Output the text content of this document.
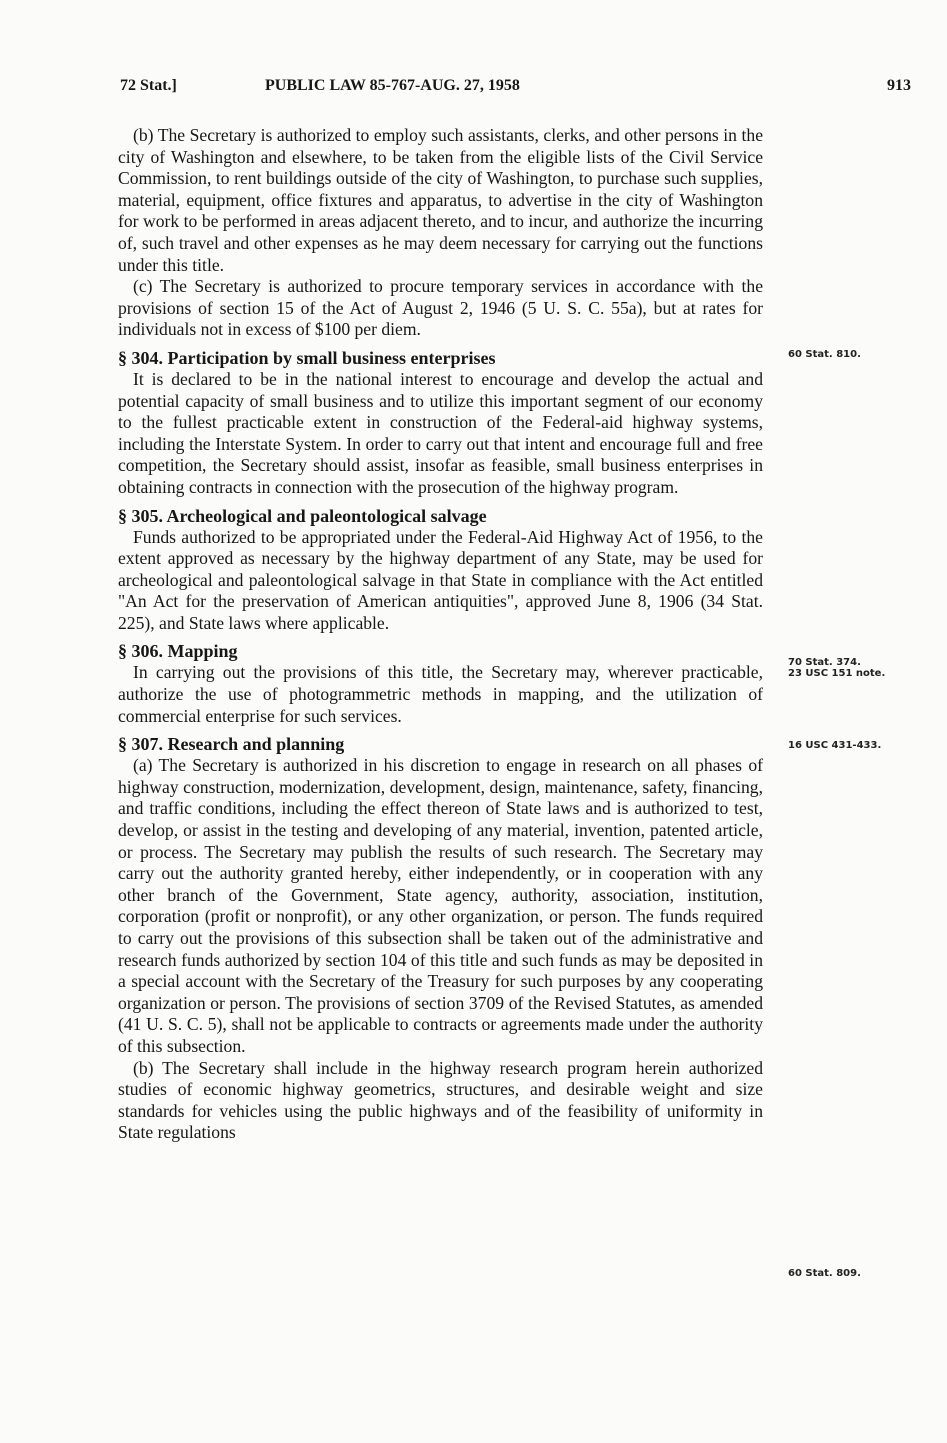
72 Stat.]	PUBLIC LAW 85-767-AUG. 27, 1958	913

(b) The Secretary is authorized to employ such assistants, clerks, and other persons in the city of Washington and elsewhere, to be taken from the eligible lists of the Civil Service Commission, to rent buildings outside of the city of Washington, to purchase such supplies, material, equipment, office fixtures and apparatus, to advertise in the city of Washington for work to be performed in areas adjacent thereto, and to incur, and authorize the incurring of, such travel and other expenses as he may deem necessary for carrying out the functions under this title.

(c) The Secretary is authorized to procure temporary services in accordance with the provisions of section 15 of the Act of August 2, 1946 (5 U. S. C. 55a), but at rates for individuals not in excess of $100 per diem.

§ 304. Participation by small business enterprises

It is declared to be in the national interest to encourage and develop the actual and potential capacity of small business and to utilize this important segment of our economy to the fullest practicable extent in construction of the Federal-aid highway systems, including the Interstate System. In order to carry out that intent and encourage full and free competition, the Secretary should assist, insofar as feasible, small business enterprises in obtaining contracts in connection with the prosecution of the highway program.

§ 305. Archeological and paleontological salvage

Funds authorized to be appropriated under the Federal-Aid Highway Act of 1956, to the extent approved as necessary by the highway department of any State, may be used for archeological and paleontological salvage in that State in compliance with the Act entitled "An Act for the preservation of American antiquities", approved June 8, 1906 (34 Stat. 225), and State laws where applicable.

§ 306. Mapping

In carrying out the provisions of this title, the Secretary may, wherever practicable, authorize the use of photogrammetric methods in mapping, and the utilization of commercial enterprise for such services.

§ 307. Research and planning

(a) The Secretary is authorized in his discretion to engage in research on all phases of highway construction, modernization, development, design, maintenance, safety, financing, and traffic conditions, including the effect thereon of State laws and is authorized to test, develop, or assist in the testing and developing of any material, invention, patented article, or process. The Secretary may publish the results of such research. The Secretary may carry out the authority granted hereby, either independently, or in cooperation with any other branch of the Government, State agency, authority, association, institution, corporation (profit or nonprofit), or any other organization, or person. The funds required to carry out the provisions of this subsection shall be taken out of the administrative and research funds authorized by section 104 of this title and such funds as may be deposited in a special account with the Secretary of the Treasury for such purposes by any cooperating organization or person. The provisions of section 3709 of the Revised Statutes, as amended (41 U. S. C. 5), shall not be applicable to contracts or agreements made under the authority of this subsection.

(b) The Secretary shall include in the highway research program herein authorized studies of economic highway geometrics, structures, and desirable weight and size standards for vehicles using the public highways and of the feasibility of uniformity in State regulations

60 Stat. 810.
70 Stat. 374.
23 USC 151 note.
16 USC 431-433.
60 Stat. 809.
